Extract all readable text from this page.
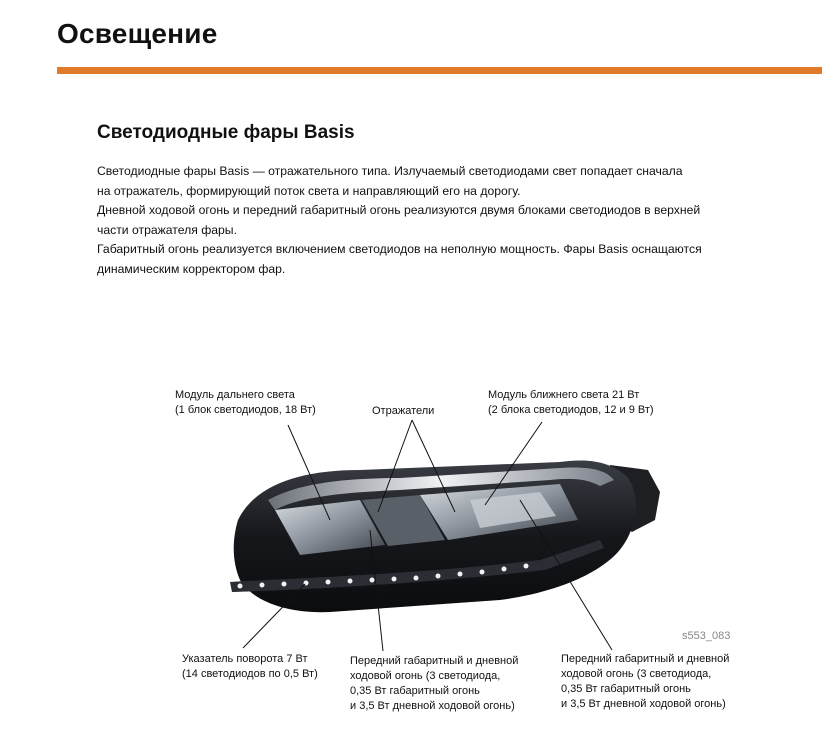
Освещение
Светодиодные фары Basis

Светодиодные фары Basis — отражательного типа. Излучаемый светодиодами свет попадает сначала
на отражатель, формирующий поток света и направляющий его на дорогу.

Дневной ходовой огонь и передний габаритный огонь реализуются двумя блоками светодиодов в верхней
части отражателя фары.

Габаритный огонь реализуется включением светодиодов на неполную мощность. Фары Basis оснащаются
динамическим корректором фар.

Модуль дальнего света
(1 блок светодиодов, 18 Вт)	Отражатели
Модуль ближнего света 21 Вт
(2 блока светодиодов, 12 и 9 Вт)
Указатель поворота 7 Вт
(14 светодиодов по 0,5 Вт)
Передний габаритный и дневной
ходовой огонь (3 светодиода,
0,35 Вт габаритный огонь
и 3,5 Вт дневной ходовой огонь)
Передний габаритный и дневной
ходовой огонь (3 светодиода,
0,35 Вт габаритный огонь
и 3,5 Вт дневной ходовой огонь)
s553_083
